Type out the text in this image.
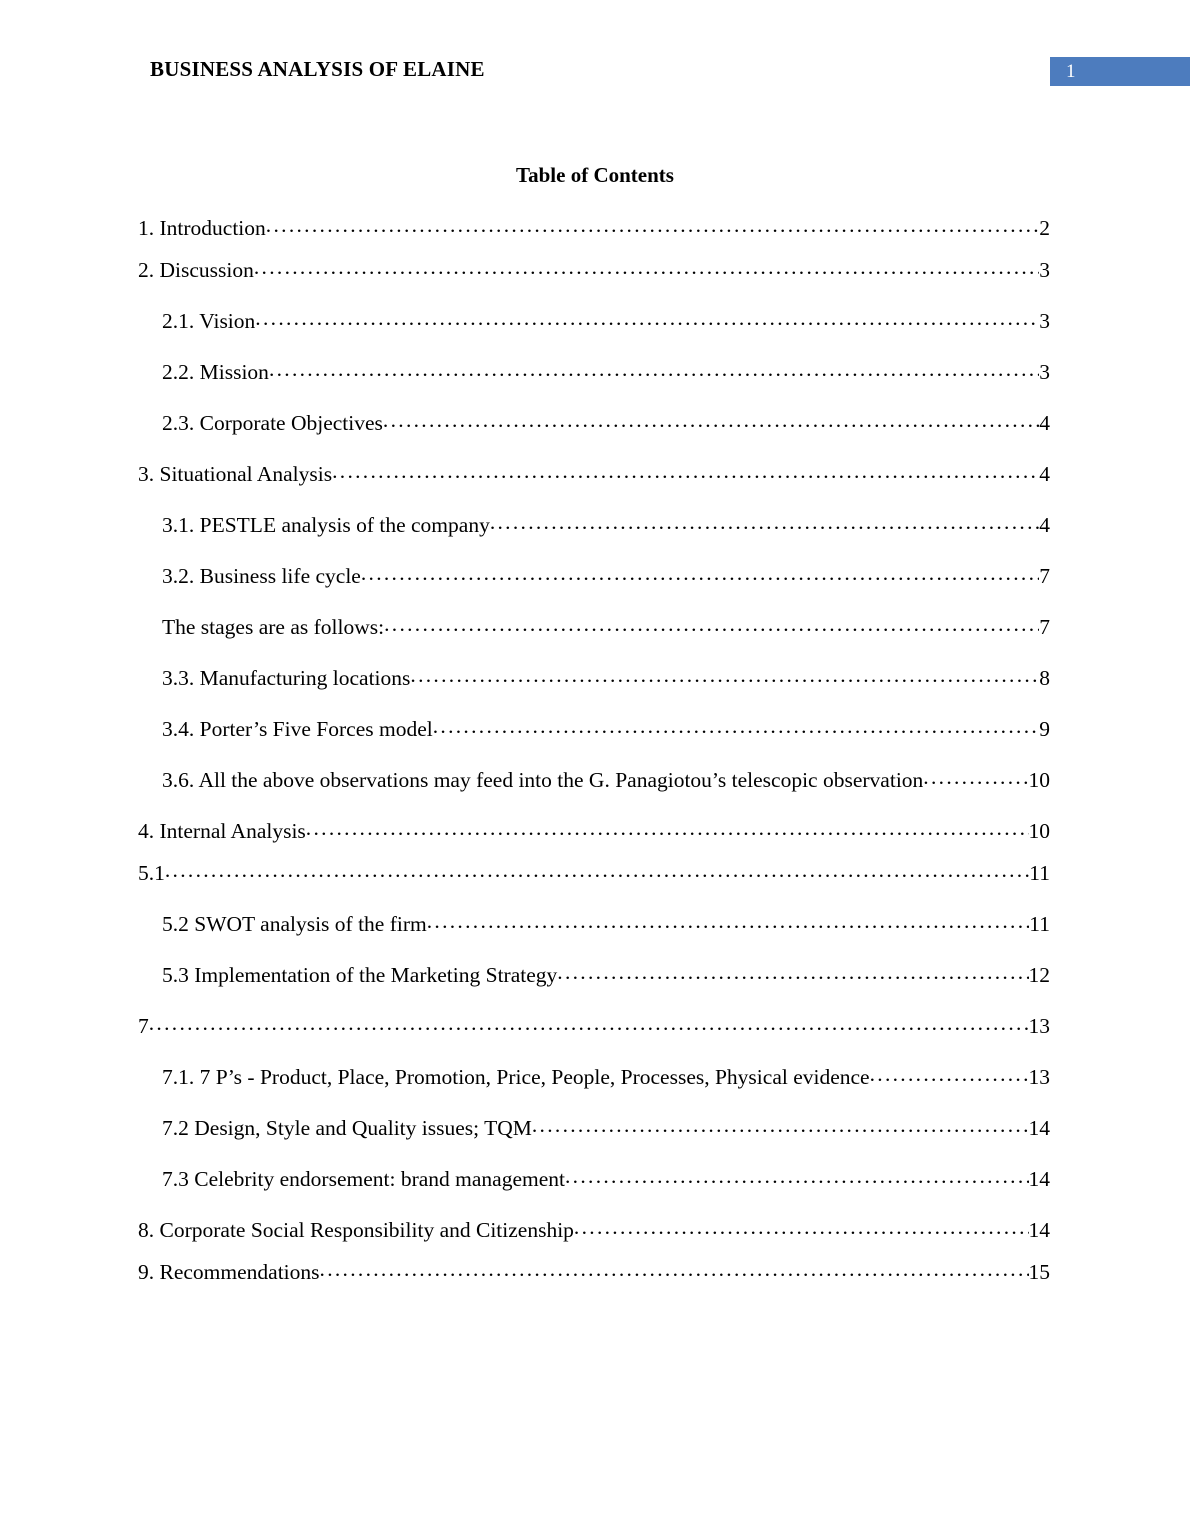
BUSINESS ANALYSIS OF ELAINE	1
Table of Contents
1. Introduction .....	2
2. Discussion .....	3
2.1. Vision .....	3
2.2. Mission .....	3
2.3. Corporate Objectives .....	4
3. Situational Analysis .....	4
3.1. PESTLE analysis of the company .....	4
3.2. Business life cycle .....	7
The stages are as follows: .....	7
3.3. Manufacturing locations .....	8
3.4. Porter’s Five Forces model .....	9
3.6. All the above observations may feed into the G. Panagiotou’s telescopic observation .....	10
4. Internal Analysis .....	10
5.1 .....	11
5.2 SWOT analysis of the firm .....	11
5.3 Implementation of the Marketing Strategy .....	12
7 .....	13
7.1. 7 P’s - Product, Place, Promotion, Price, People, Processes, Physical evidence .....	13
7.2 Design, Style and Quality issues; TQM .....	14
7.3 Celebrity endorsement: brand management .....	14
8. Corporate Social Responsibility and Citizenship .....	14
9. Recommendations .....	15
